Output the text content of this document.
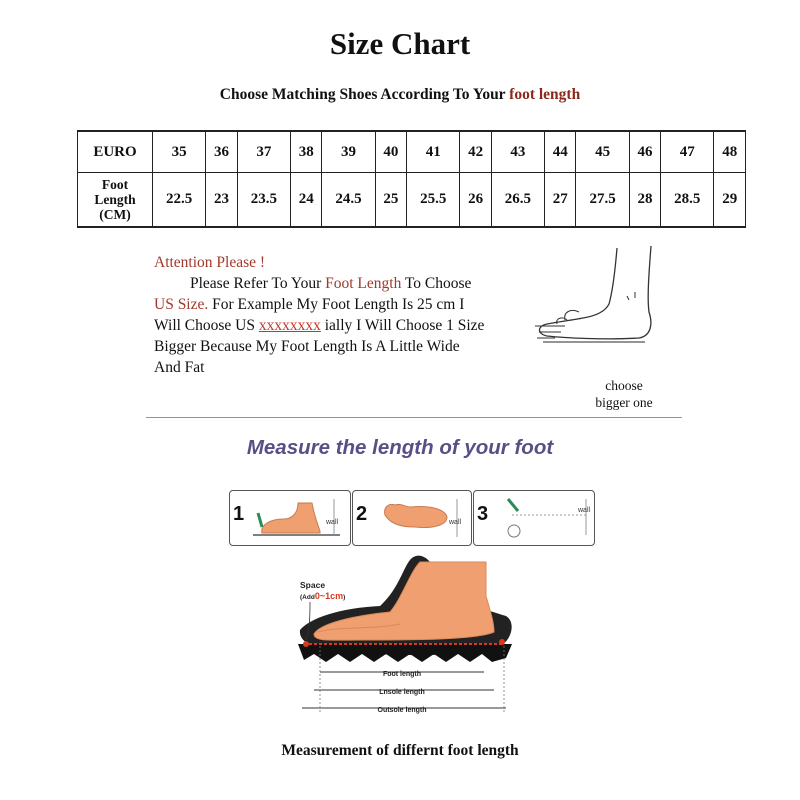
Size Chart
Choose Matching Shoes According To Your foot length
EURO	35	36	37	38	39	40	41	42	43	44	45	46	47	48
Foot
Length
(CM)	22.5	23	23.5	24	24.5	25	25.5	26	26.5	27	27.5	28	28.5	29
Attention Please !
Please Refer To Your Foot Length To Choose
US Size. For Example My Foot Length Is 25 cm I
Will Choose US xxxxxxxx ially I Will Choose 1 Size
Bigger Because My Foot Length Is A Little Wide
And Fat
choose
bigger one
Measure the length of your foot
1	wall 2	wall 3	wall
Foot length
Lnsole length
Outsole length
Space
(Add0~1cm)
Measurement of differnt foot length
